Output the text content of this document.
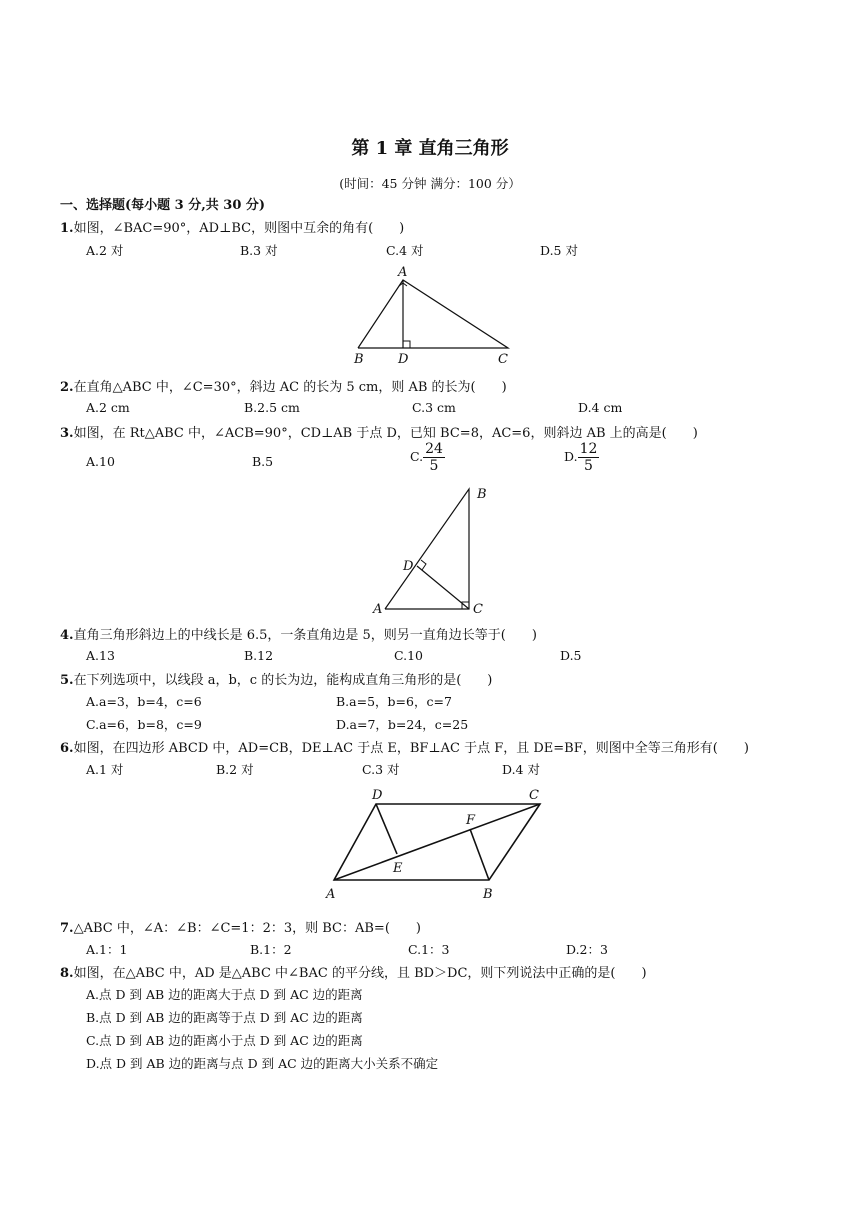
第 1 章 直角三角形
(时间：45 分钟 满分：100 分）
一、选择题(每小题 3 分,共 30 分)
1.如图，∠BAC=90°，AD⊥BC，则图中互余的角有(　　)
A.2 对	B.3 对	C.4 对	D.5 对
A
B	D	C
2.在直角△ABC 中，∠C=30°，斜边 AC 的长为 5 cm，则 AB 的长为(　　)
A.2 cm	B.2.5 cm	C.3 cm	D.4 cm
3.如图，在 Rt△ABC 中，∠ACB=90°，CD⊥AB 于点 D，已知 BC=8，AC=6，则斜边 AB 上的高是(　　)
A.10	B.5	C. $\frac{24}{5}$	D. $\frac{12}{5}$
B
D
A	C
4.直角三角形斜边上的中线长是 6.5，一条直角边是 5，则另一直角边长等于(　　)
A.13	B.12	C.10	D.5
5.在下列选项中，以线段 a，b，c 的长为边，能构成直角三角形的是(　　)
A.a=3，b=4，c=6	B.a=5，b=6，c=7
C.a=6，b=8，c=9	D.a=7，b=24，c=25
6.如图，在四边形 ABCD 中，AD=CB，DE⊥AC 于点 E，BF⊥AC 于点 F，且 DE=BF，则图中全等三角形有(　　)
A.1 对	B.2 对	C.3 对	D.4 对
D	C
F
E
A	B
7.△ABC 中，∠A：∠B：∠C=1：2：3，则 BC：AB=(　　)
A.1：1	B.1：2	C.1：3	D.2：3
8.如图，在△ABC 中，AD 是△ABC 中∠BAC 的平分线，且 BD＞DC，则下列说法中正确的是(　　)
A.点 D 到 AB 边的距离大于点 D 到 AC 边的距离
B.点 D 到 AB 边的距离等于点 D 到 AC 边的距离
C.点 D 到 AB 边的距离小于点 D 到 AC 边的距离
D.点 D 到 AB 边的距离与点 D 到 AC 边的距离大小关系不确定
